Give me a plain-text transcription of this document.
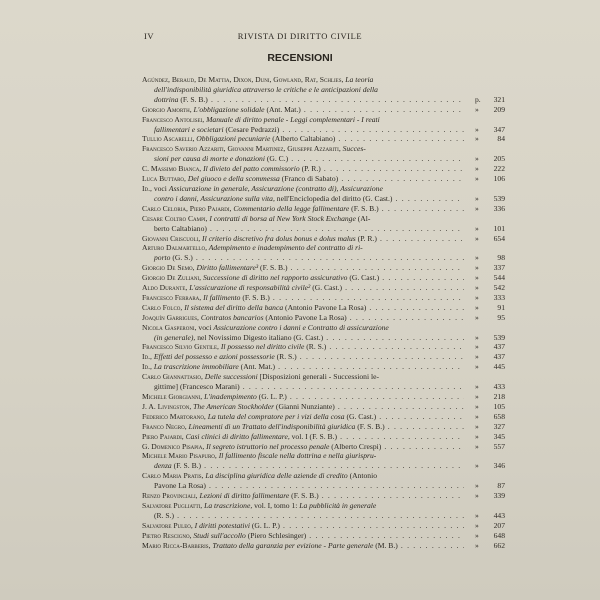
IV	RIVISTA DI DIRITTO CIVILE
RECENSIONI
Agúndez, Beraud, De Mattia, Dixon, Duni, Gowland, Rat, Schlies, La teoria
dell'indisponibilità giuridica attraverso le critiche e le anticipazioni della
dottrina (F. S. B.) . . .	p.	321
Giorgio Amorth, L'obbligazione solidale (Ant. Mat.) . . .	»	209
Francesco Antolisei, Manuale di diritto penale - Leggi complementari - I reati
fallimentari e societari (Cesare Pedrazzi) . . .	»	347
Tullio Ascarelli, Obbligazioni pecuniarie (Alberto Caltabiano) . . .	»	84
Francesco Saverio Azzariti, Giovanni Martinez, Giuseppe Azzariti, Succes-
sioni per causa di morte e donazioni (G. C.) . . .	»	205
C. Massimo Bianca, Il divieto del patto commissorio (P. R.) . . .	»	222
Luca Buttaro, Del giuoco e della scommessa (Franco di Sabato) . . .	»	106
Id., voci Assicurazione in generale, Assicurazione (contratto di), Assicurazione
contro i danni, Assicurazione sulla vita, nell'Enciclopedia del diritto (G. Cast.) . . .	»	539
Carlo Celoria, Piero Pajardi, Commentario della legge fallimentare (F. S. B.) . . .	»	336
Cesare Coltro Campi, I contratti di borsa al New York Stock Exchange (Al-
berto Caltabiano) . . .	»	101
Giovanni Criscuoli, Il criterio discretivo fra dolus bonus e dolus malus (P. R.) . . .	»	654
Arturo Dalmartello, Adempimento e inadempimento del contratto di ri-
porto (G. S.) . . .	»	98
Giorgio De Semo, Diritto fallimentare³ (F. S. B.) . . .	»	337
Giorgio De Zuliani, Successione di diritto nel rapporto assicurativo (G. Cast.) . . .	»	544
Aldo Durante, L'assicurazione di responsabilità civile² (G. Cast.) . . .	»	542
Francesco Ferrara, Il fallimento (F. S. B.) . . .	»	333
Carlo Folco, Il sistema del diritto della banca (Antonio Pavone La Rosa) . . .	»	91
Joaquín Garrigues, Contratos bancarios (Antonio Pavone La Rosa) . . .	»	95
Nicola Gasperoni, voci Assicurazione contro i danni e Contratto di assicurazione
(in generale), nel Novissimo Digesto italiano (G. Cast.) . . .	»	539
Francesco Silvio Gentile, Il possesso nel diritto civile (R. S.) . . .	»	437
Id., Effetti del possesso e azioni possessorie (R. S.) . . .	»	437
Id., La trascrizione immobiliare (Ant. Mat.) . . .	»	445
Carlo Giannattasio, Delle successioni [Disposizioni generali - Successioni le-
gittime] (Francesco Marani) . . .	»	433
Michele Giorgianni, L'inadempimento (G. L. P.) . . .	»	218
J. A. Livingston, The American Stockholder (Gianni Nunziante) . . .	»	105
Federico Martorano, La tutela del compratore per i vizi della cosa (G. Cast.) . . .	»	658
Franco Negro, Lineamenti di un Trattato dell'indisponibilità giuridica (F. S. B.) . . .	»	327
Piero Pajardi, Casi clinici di diritto fallimentare, vol. I (F. S. B.) . . .	»	345
G. Domenico Pisapia, Il segreto istruttorio nel processo penale (Alberto Crespi) . . .	»	557
Michele Mario Pisapuro, Il fallimento fiscale nella dottrina e nella giurispru-
denza (F. S. B.) . . .	»	346
Carlo Maria Pratis, La disciplina giuridica delle aziende di credito (Antonio
Pavone La Rosa) . . .	»	87
Renzo Provinciali, Lezioni di diritto fallimentare (F. S. B.) . . .	»	339
Salvatore Pugliatti, La trascrizione, vol. I, tomo 1: La pubblicità in generale
(R. S.) . . .	»	443
Salvatore Puleo, I diritti potestativi (G. L. P.) . . .	»	207
Pietro Rescigno, Studi sull'accollo (Piero Schlesinger) . . .	»	648
Mario Ricca-Barberis, Trattato della garanzia per evizione - Parte generale (M. B.) . . .	»	662
